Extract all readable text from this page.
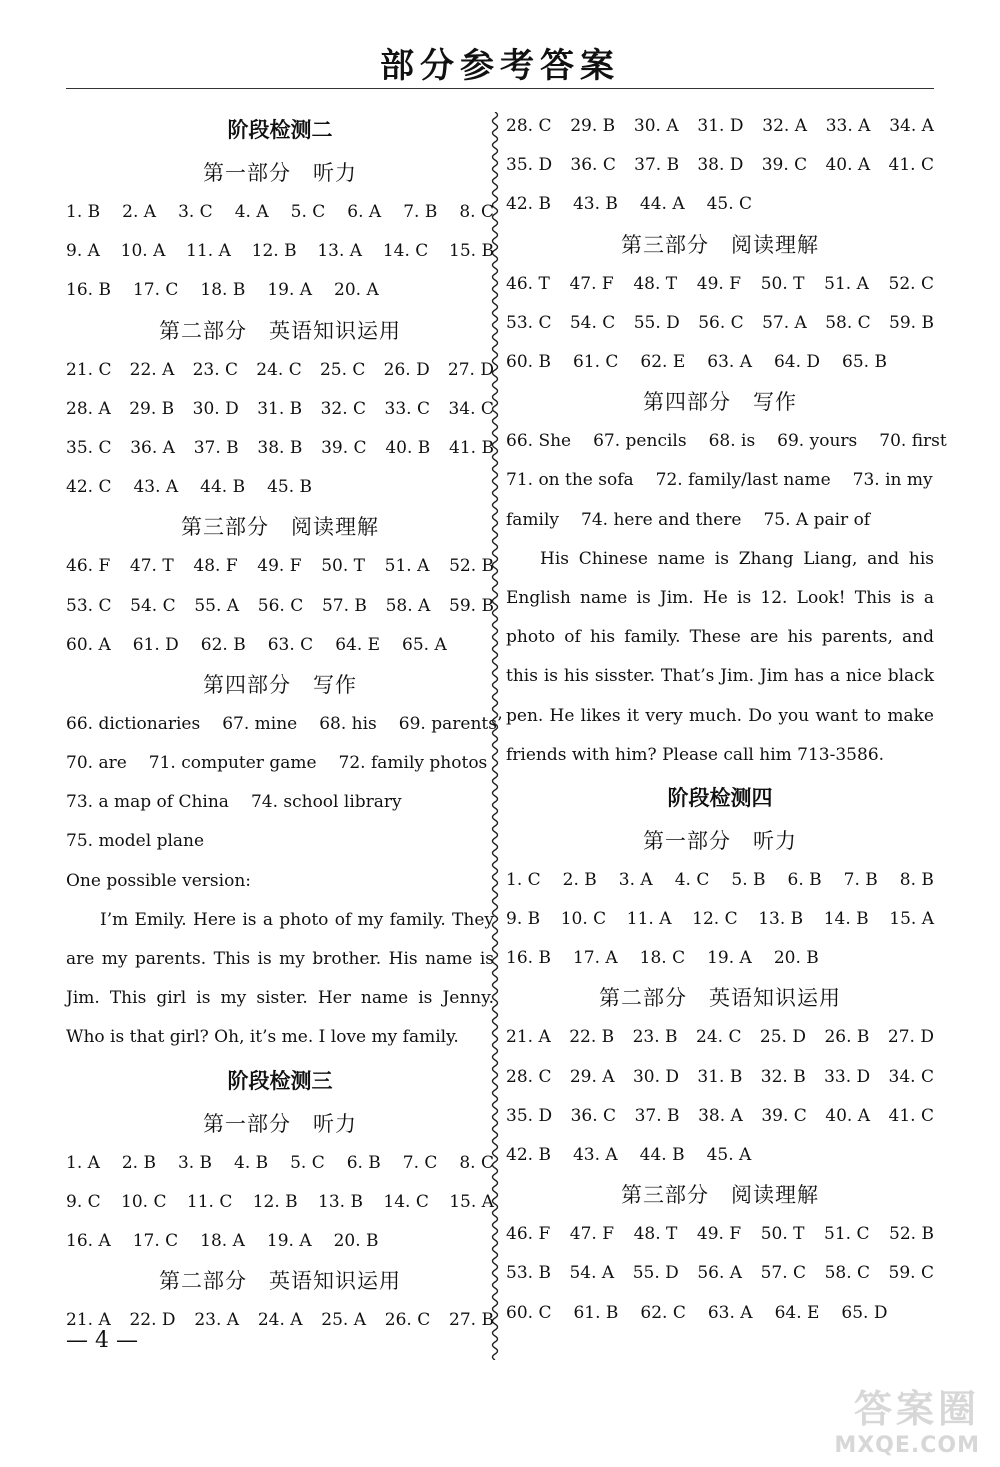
部分参考答案
阶段检测二
第一部分　听力
1. B 2. A 3. C 4. A 5. C 6. A 7. B 8. C
9. A 10. A 11. A 12. B 13. A 14. C 15. B
16. B 17. C 18. B 19. A 20. A
第二部分　英语知识运用
21. C 22. A 23. C 24. C 25. C 26. D 27. D
28. A 29. B 30. D 31. B 32. C 33. C 34. C
35. C 36. A 37. B 38. B 39. C 40. B 41. B
42. C 43. A 44. B 45. B
第三部分　阅读理解
46. F 47. T 48. F 49. F 50. T 51. A 52. B
53. C 54. C 55. A 56. C 57. B 58. A 59. B
60. A 61. D 62. B 63. C 64. E 65. A
第四部分　写作
66. dictionaries 67. mine 68. his 69. parents’
70. are 71. computer game 72. family photos
73. a map of China 74. school library
75. model plane
One possible version:
I’m Emily. Here is a photo of my family. They are my parents. This is my brother. His name is Jim. This girl is my sister. Her name is Jenny. Who is that girl? Oh, it’s me. I love my family.
阶段检测三
第一部分　听力
1. A 2. B 3. B 4. B 5. C 6. B 7. C 8. C
9. C 10. C 11. C 12. B 13. B 14. C 15. A
16. A 17. C 18. A 19. A 20. B
第二部分　英语知识运用
21. A 22. D 23. A 24. A 25. A 26. C 27. B
28. C 29. B 30. A 31. D 32. A 33. A 34. A
35. D 36. C 37. B 38. D 39. C 40. A 41. C
42. B 43. B 44. A 45. C
第三部分　阅读理解
46. T 47. F 48. T 49. F 50. T 51. A 52. C
53. C 54. C 55. D 56. C 57. A 58. C 59. B
60. B 61. C 62. E 63. A 64. D 65. B
第四部分　写作
66. She 67. pencils 68. is 69. yours 70. first
71. on the sofa 72. family/last name 73. in my
family 74. here and there 75. A pair of
His Chinese name is Zhang Liang, and his English name is Jim. He is 12. Look! This is a photo of his family. These are his parents, and this is his sisster. That’s Jim. Jim has a nice black pen. He likes it very much. Do you want to make friends with him? Please call him 713-3586.
阶段检测四
第一部分　听力
1. C 2. B 3. A 4. C 5. B 6. B 7. B 8. B
9. B 10. C 11. A 12. C 13. B 14. B 15. A
16. B 17. A 18. C 19. A 20. B
第二部分　英语知识运用
21. A 22. B 23. B 24. C 25. D 26. B 27. D
28. C 29. A 30. D 31. B 32. B 33. D 34. C
35. D 36. C 37. B 38. A 39. C 40. A 41. C
42. B 43. A 44. B 45. A
第三部分　阅读理解
46. F 47. F 48. T 49. F 50. T 51. C 52. B
53. B 54. A 55. D 56. A 57. C 58. C 59. C
60. C 61. B 62. C 63. A 64. E 65. D
— 4 —
答案圈
MXQE.COM
